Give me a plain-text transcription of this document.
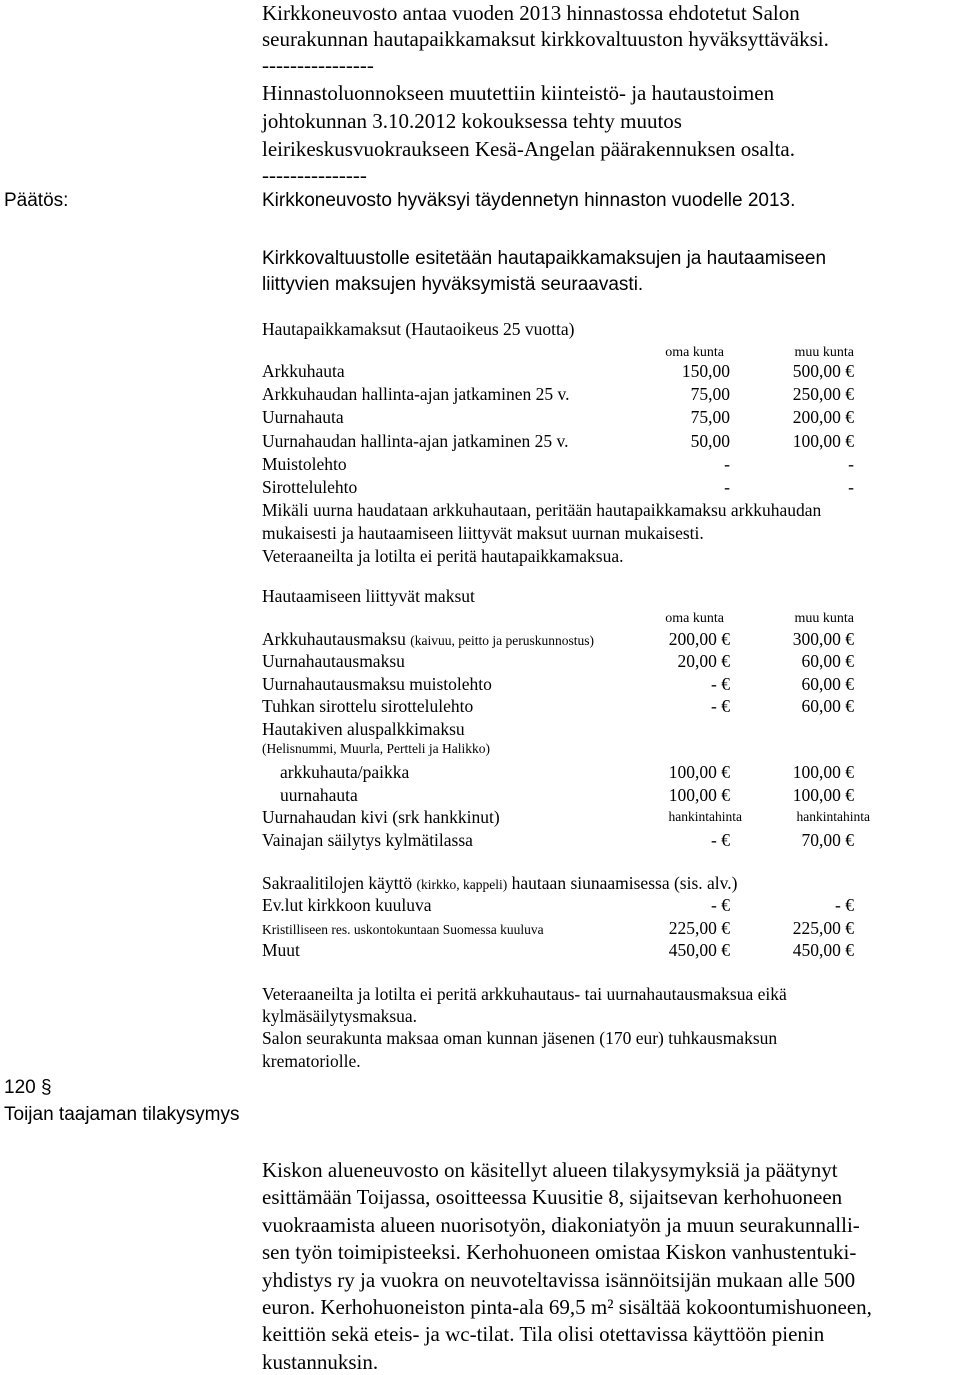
Kirkkoneuvosto antaa vuoden 2013 hinnastossa ehdotetut Salon
seurakunnan hautapaikkamaksut kirkkovaltuuston hyväksyttäväksi.
----------------
Hinnastoluonnokseen muutettiin kiinteistö- ja hautaustoimen
johtokunnan 3.10.2012 kokouksessa tehty muutos
leirikeskusvuokraukseen Kesä-Angelan päärakennuksen osalta.
---------------
Päätös:	Kirkkoneuvosto hyväksyi täydennetyn hinnaston vuodelle 2013.
Kirkkovaltuustolle esitetään hautapaikkamaksujen ja hautaamiseen
liittyvien maksujen hyväksymistä seuraavasti.
Hautapaikkamaksut (Hautaoikeus 25 vuotta)
oma kunta	muu kunta
Arkkuhauta	150,00	500,00 €
Arkkuhaudan hallinta-ajan jatkaminen 25 v.	75,00	250,00 €
Uurnahauta	75,00	200,00 €
Uurnahaudan hallinta-ajan jatkaminen 25 v.	50,00	100,00 €
Muistolehto	-	-
Sirottelulehto	-	-
Mikäli uurna haudataan arkkuhautaan, peritään hautapaikkamaksu arkkuhaudan
mukaisesti ja hautaamiseen liittyvät maksut uurnan mukaisesti.
Veteraaneilta ja lotilta ei peritä hautapaikkamaksua.
Hautaamiseen liittyvät maksut
oma kunta	muu kunta
Arkkuhautausmaksu (kaivuu, peitto ja peruskunnostus)	200,00 €	300,00 €
Uurnahautausmaksu	20,00 €	60,00 €
Uurnahautausmaksu muistolehto	- €	60,00 €
Tuhkan sirottelu sirottelulehto	- €	60,00 €
Hautakiven aluspalkkimaksu
(Helisnummi, Muurla, Pertteli ja Halikko)
arkkuhauta/paikka	100,00 €	100,00 €
uurnahauta	100,00 €	100,00 €
Uurnahaudan kivi (srk hankkinut)	hankintahinta	hankintahinta
Vainajan säilytys kylmätilassa	- €	70,00 €
Sakraalitilojen käyttö (kirkko, kappeli) hautaan siunaamisessa (sis. alv.)
Ev.lut kirkkoon kuuluva	- €	- €
Kristilliseen res. uskontokuntaan Suomessa kuuluva	225,00 €	225,00 €
Muut	450,00 €	450,00 €
Veteraaneilta ja lotilta ei peritä arkkuhautaus- tai uurnahautausmaksua eikä
kylmäsäilytysmaksua.
Salon seurakunta maksaa oman kunnan jäsenen (170 eur) tuhkausmaksun
krematoriolle.
120 §
Toijan taajaman tilakysymys
Kiskon alueneuvosto on käsitellyt alueen tilakysymyksiä ja päätynyt
esittämään Toijassa, osoitteessa Kuusitie 8, sijaitsevan kerhohuoneen
vuokraamista alueen nuorisotyön, diakoniatyön ja muun seurakunnalli-
sen työn toimipisteeksi. Kerhohuoneen omistaa Kiskon vanhustentuki-
yhdistys ry ja vuokra on neuvoteltavissa isännöitsijän mukaan alle 500
euron. Kerhohuoneiston pinta-ala 69,5 m² sisältää kokoontumishuoneen,
keittiön sekä eteis- ja wc-tilat. Tila olisi otettavissa käyttöön pienin
kustannuksin.
